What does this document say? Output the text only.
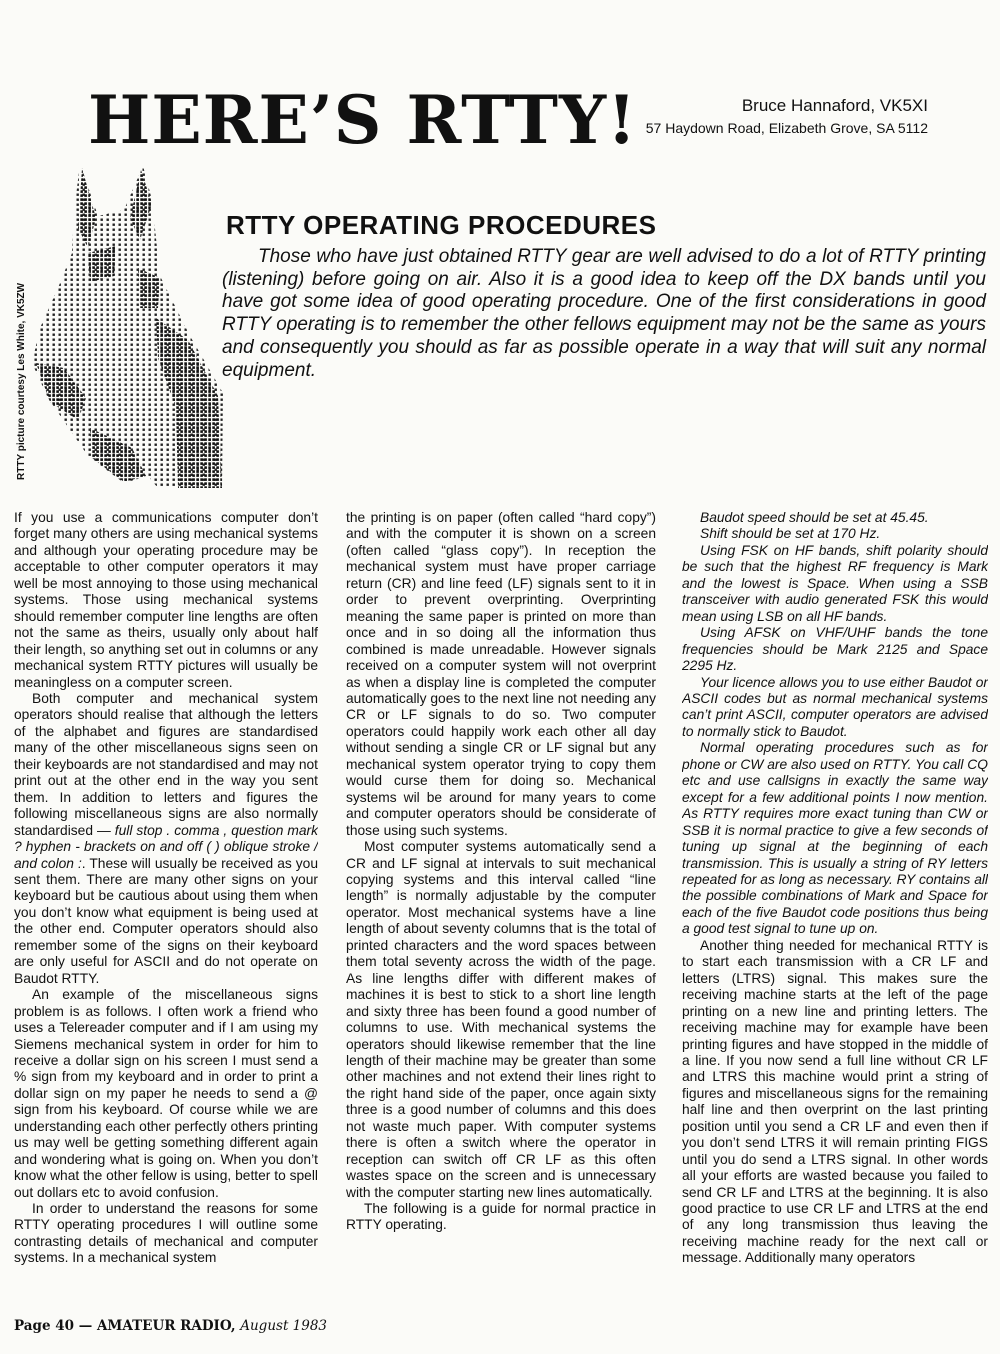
HERE’S RTTY!	Bruce Hannaford, VK5XI
57 Haydown Road, Elizabeth Grove, SA 5112
RTTY picture courtesy Les White, VK5ZW
RTTY OPERATING PROCEDURES

Those who have just obtained RTTY gear are well advised to do a lot of RTTY printing (listening) before going on air. Also it is a good idea to keep off the DX bands until you have got some idea of good operating procedure. One of the first considerations in good RTTY operating is to remember the other fellows equipment may not be the same as yours and consequently you should as far as possible operate in a way that will suit any normal equipment.

If you use a communications computer don’t forget many others are using mechanical systems and although your operating procedure may be acceptable to other computer operators it may well be most annoying to those using mechanical systems. Those using mechanical systems should remember computer line lengths are often not the same as theirs, usually only about half their length, so anything set out in columns or any mechanical system RTTY pictures will usually be meaningless on a computer screen.

Both computer and mechanical system operators should realise that although the letters of the alphabet and figures are standardised many of the other miscellaneous signs seen on their keyboards are not standardised and may not print out at the other end in the way you sent them. In addition to letters and figures the following miscellaneous signs are also normally standardised — full stop . comma , question mark ? hyphen - brackets on and off ( ) oblique stroke / and colon :. These will usually be received as you sent them. There are many other signs on your keyboard but be cautious about using them when you don’t know what equipment is being used at the other end. Computer operators should also remember some of the signs on their keyboard are only useful for ASCII and do not operate on Baudot RTTY.

An example of the miscellaneous signs problem is as follows. I often work a friend who uses a Telereader computer and if I am using my Siemens mechanical system in order for him to receive a dollar sign on his screen I must send a % sign from my keyboard and in order to print a dollar sign on my paper he needs to send a @ sign from his keyboard. Of course while we are understanding each other perfectly others printing us may well be getting something different again and wondering what is going on. When you don’t know what the other fellow is using, better to spell out dollars etc to avoid confusion.

In order to understand the reasons for some RTTY operating procedures I will outline some contrasting details of mechanical and computer systems. In a mechanical system

the printing is on paper (often called “hard copy”) and with the computer it is shown on a screen (often called “glass copy”). In reception the mechanical system must have proper carriage return (CR) and line feed (LF) signals sent to it in order to prevent overprinting. Overprinting meaning the same paper is printed on more than once and in so doing all the information thus combined is made unreadable. However signals received on a computer system will not overprint as when a display line is completed the computer automatically goes to the next line not needing any CR or LF signals to do so. Two computer operators could happily work each other all day without sending a single CR or LF signal but any mechanical system operator trying to copy them would curse them for doing so. Mechanical systems wil be around for many years to come and computer operators should be considerate of those using such systems.

Most computer systems automatically send a CR and LF signal at intervals to suit mechanical copying systems and this interval called “line length” is normally adjustable by the computer operator. Most mechanical systems have a line length of about seventy columns that is the total of printed characters and the word spaces between them total seventy across the width of the page. As line lengths differ with different makes of machines it is best to stick to a short line length and sixty three has been found a good number of columns to use. With mechanical systems the operators should likewise remember that the line length of their machine may be greater than some other machines and not extend their lines right to the right hand side of the paper, once again sixty three is a good number of columns and this does not waste much paper. With computer systems there is often a switch where the operator in reception can switch off CR LF as this often wastes space on the screen and is unnecessary with the computer starting new lines automatically.

The following is a guide for normal practice in RTTY operating.

Baudot speed should be set at 45.45.

Shift should be set at 170 Hz.

Using FSK on HF bands, shift polarity should be such that the highest RF frequency is Mark and the lowest is Space. When using a SSB transceiver with audio generated FSK this would mean using LSB on all HF bands.

Using AFSK on VHF/UHF bands the tone frequencies should be Mark 2125 and Space 2295 Hz.

Your licence allows you to use either Baudot or ASCII codes but as normal mechanical systems can’t print ASCII, computer operators are advised to normally stick to Baudot.

Normal operating procedures such as for phone or CW are also used on RTTY. You call CQ etc and use callsigns in exactly the same way except for a few additional points I now mention. As RTTY requires more exact tuning than CW or SSB it is normal practice to give a few seconds of tuning up signal at the beginning of each transmission. This is usually a string of RY letters repeated for as long as necessary. RY contains all the possible combinations of Mark and Space for each of the five Baudot code positions thus being a good test signal to tune up on.

Another thing needed for mechanical RTTY is to start each transmission with a CR LF and letters (LTRS) signal. This makes sure the receiving machine starts at the left of the page printing on a new line and printing letters. The receiving machine may for example have been printing figures and have stopped in the middle of a line. If you now send a full line without CR LF and LTRS this machine would print a string of figures and miscellaneous signs for the remaining half line and then overprint on the last printing position until you send a CR LF and even then if you don’t send LTRS it will remain printing FIGS until you do send a LTRS signal. In other words all your efforts are wasted because you failed to send CR LF and LTRS at the beginning. It is also good practice to use CR LF and LTRS at the end of any long transmission thus leaving the receiving machine ready for the next call or message. Additionally many operators

Page 40 — AMATEUR RADIO, August 1983
